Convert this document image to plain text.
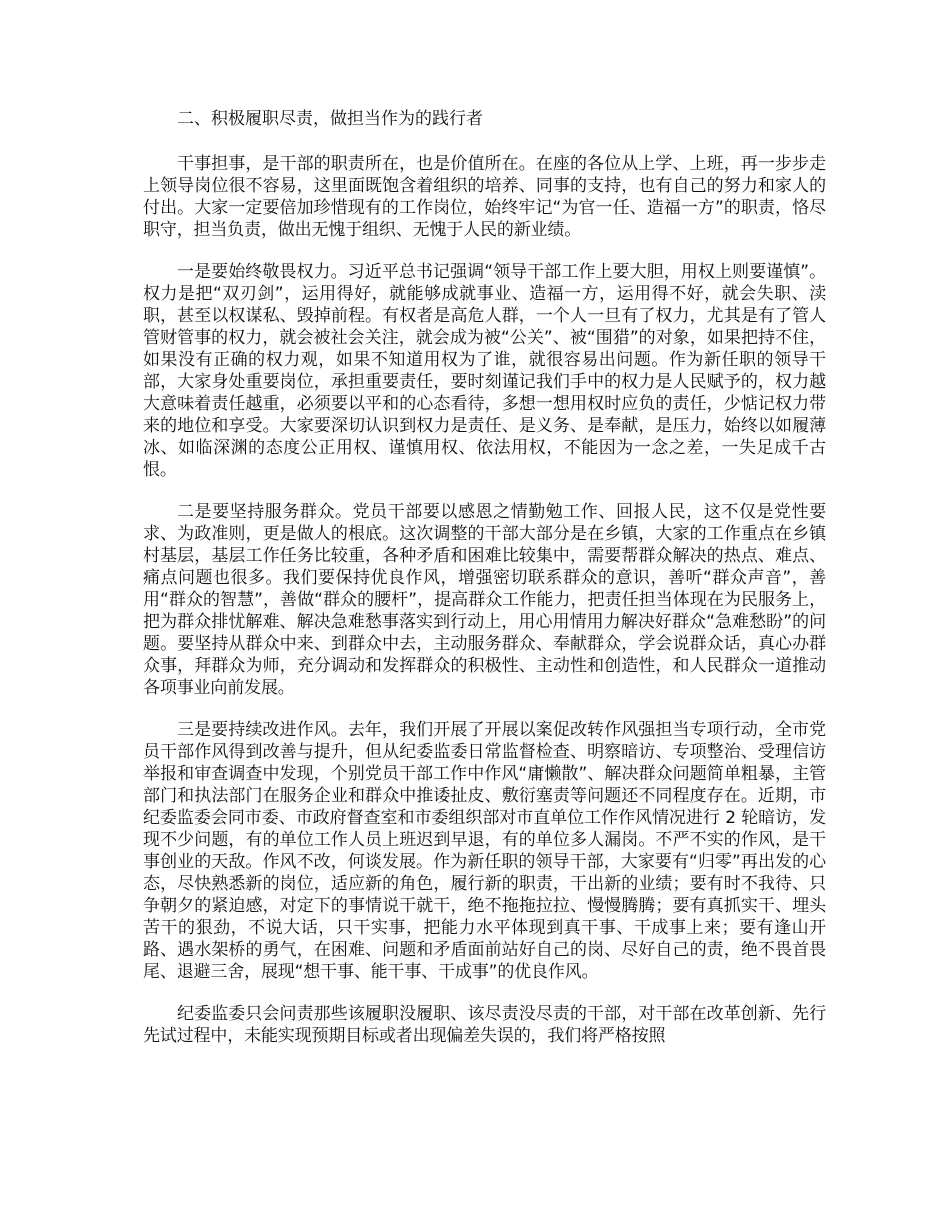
二、积极履职尽责，做担当作为的践行者

干事担事，是干部的职责所在，也是价值所在。在座的各位从上学、上班，再一步步走上领导岗位很不容易，这里面既饱含着组织的培养、同事的支持，也有自己的努力和家人的付出。大家一定要倍加珍惜现有的工作岗位，始终牢记“为官一任、造福一方”的职责，恪尽职守，担当负责，做出无愧于组织、无愧于人民的新业绩。

一是要始终敬畏权力。习近平总书记强调“领导干部工作上要大胆，用权上则要谨慎”。权力是把“双刃剑”，运用得好，就能够成就事业、造福一方，运用得不好，就会失职、渎职，甚至以权谋私、毁掉前程。有权者是高危人群，一个人一旦有了权力，尤其是有了管人管财管事的权力，就会被社会关注，就会成为被“公关”、被“围猎”的对象，如果把持不住，如果没有正确的权力观，如果不知道用权为了谁，就很容易出问题。作为新任职的领导干部，大家身处重要岗位，承担重要责任，要时刻谨记我们手中的权力是人民赋予的，权力越大意味着责任越重，必须要以平和的心态看待，多想一想用权时应负的责任，少惦记权力带来的地位和享受。大家要深切认识到权力是责任、是义务、是奉献，是压力，始终以如履薄冰、如临深渊的态度公正用权、谨慎用权、依法用权，不能因为一念之差，一失足成千古恨。

二是要坚持服务群众。党员干部要以感恩之情勤勉工作、回报人民，这不仅是党性要求、为政准则，更是做人的根底。这次调整的干部大部分是在乡镇，大家的工作重点在乡镇村基层，基层工作任务比较重，各种矛盾和困难比较集中，需要帮群众解决的热点、难点、痛点问题也很多。我们要保持优良作风，增强密切联系群众的意识，善听“群众声音”，善用“群众的智慧”，善做“群众的腰杆”，提高群众工作能力，把责任担当体现在为民服务上，把为群众排忧解难、解决急难愁事落实到行动上，用心用情用力解决好群众“急难愁盼”的问题。要坚持从群众中来、到群众中去，主动服务群众、奉献群众，学会说群众话，真心办群众事，拜群众为师，充分调动和发挥群众的积极性、主动性和创造性，和人民群众一道推动各项事业向前发展。

三是要持续改进作风。去年，我们开展了开展以案促改转作风强担当专项行动，全市党员干部作风得到改善与提升，但从纪委监委日常监督检查、明察暗访、专项整治、受理信访举报和审查调查中发现，个别党员干部工作中作风“庸懒散”、解决群众问题简单粗暴，主管部门和执法部门在服务企业和群众中推诿扯皮、敷衍塞责等问题还不同程度存在。近期，市纪委监委会同市委、市政府督查室和市委组织部对市直单位工作作风情况进行 2 轮暗访，发现不少问题，有的单位工作人员上班迟到早退，有的单位多人漏岗。不严不实的作风，是干事创业的天敌。作风不改，何谈发展。作为新任职的领导干部，大家要有“归零”再出发的心态，尽快熟悉新的岗位，适应新的角色，履行新的职责，干出新的业绩；要有时不我待、只争朝夕的紧迫感，对定下的事情说干就干，绝不拖拖拉拉、慢慢腾腾；要有真抓实干、埋头苦干的狠劲，不说大话，只干实事，把能力水平体现到真干事、干成事上来；要有逢山开路、遇水架桥的勇气，在困难、问题和矛盾面前站好自己的岗、尽好自己的责，绝不畏首畏尾、退避三舍，展现“想干事、能干事、干成事”的优良作风。

纪委监委只会问责那些该履职没履职、该尽责没尽责的干部，对干部在改革创新、先行先试过程中，未能实现预期目标或者出现偏差失误的，我们将严格按照
